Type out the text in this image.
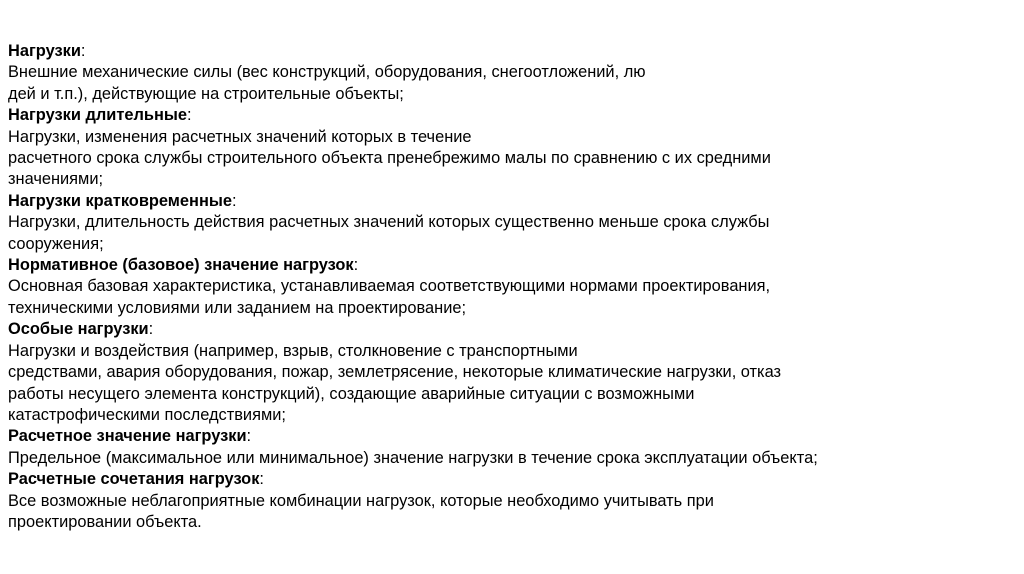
Нагрузки:
Внешние механические силы (вес конструкций, оборудования, снегоотложений, лю
дей и т.п.), действующие на строительные объекты;
Нагрузки длительные:
Нагрузки, изменения расчетных значений которых в течение
расчетного срока службы строительного объекта пренебрежимо малы по сравнению с их средними
значениями;
Нагрузки кратковременные:
Нагрузки, длительность действия расчетных значений которых существенно меньше срока службы
сооружения;
Нормативное (базовое) значение нагрузок:
Основная базовая характеристика, устанавливаемая соответствующими нормами проектирования,
техническими условиями или заданием на проектирование;
Особые нагрузки:
Нагрузки и воздействия (например, взрыв, столкновение с транспортными
средствами, авария оборудования, пожар, землетрясение, некоторые климатические нагрузки, отказ
работы несущего элемента конструкций), создающие аварийные ситуации с возможными
катастрофическими последствиями;
Расчетное значение нагрузки:
Предельное (максимальное или минимальное) значение нагрузки в течение срока эксплуатации объекта;
Расчетные сочетания нагрузок:
Все возможные неблагоприятные комбинации нагрузок, которые необходимо учитывать при
проектировании объекта.
